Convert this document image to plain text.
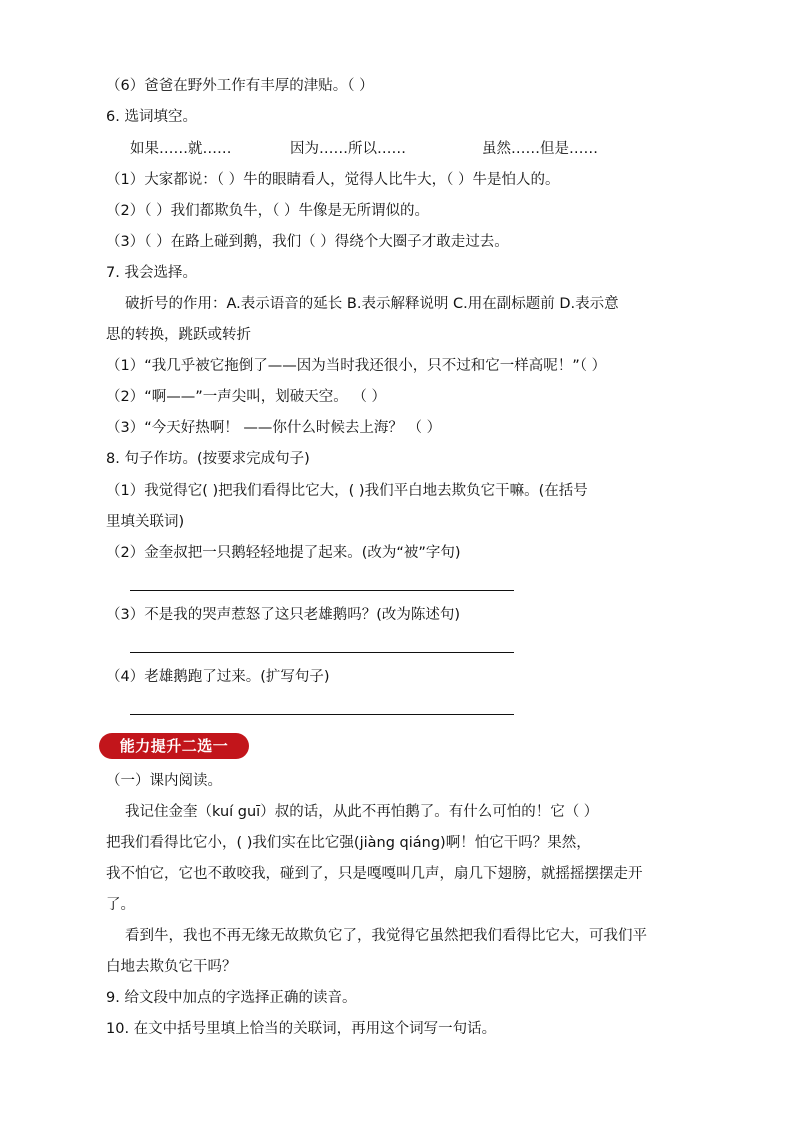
（6）爸爸在野外工作有丰厚的津贴。（ ）
6. 选词填空。
如果……就……	因为……所以……	虽然……但是……
（1）大家都说：（ ）牛的眼睛看人，觉得人比牛大，（ ）牛是怕人的。
（2）（ ）我们都欺负牛，（ ）牛像是无所谓似的。
（3）（ ）在路上碰到鹅，我们（ ）得绕个大圈子才敢走过去。
7. 我会选择。
破折号的作用：A.表示语音的延长 B.表示解释说明 C.用在副标题前 D.表示意
思的转换，跳跃或转折
（1）“我几乎被它拖倒了——因为当时我还很小，只不过和它一样高呢！”（ ）
（2）“啊——”一声尖叫，划破天空。 （ ）
（3）“今天好热啊！ ——你什么时候去上海？ （ ）
8. 句子作坊。(按要求完成句子)
（1）我觉得它( )把我们看得比它大，( )我们平白地去欺负它干嘛。(在括号
里填关联词)
（2）金奎叔把一只鹅轻轻地提了起来。(改为“被”字句)
（3）不是我的哭声惹怒了这只老雄鹅吗？(改为陈述句)
（4）老雄鹅跑了过来。(扩写句子)
能力提升二选一
（一）课内阅读。
我记住金奎（kuí guī）叔的话，从此不再怕鹅了。有什么可怕的！它（ ）
把我们看得比它小，( )我们实在比它强(jiàng qiáng)啊！怕它干吗？果然，
我不怕它，它也不敢咬我，碰到了，只是嘎嘎叫几声，扇几下翅膀，就摇摇摆摆走开
了。
看到牛，我也不再无缘无故欺负它了，我觉得它虽然把我们看得比它大，可我们平
白地去欺负它干吗？
9. 给文段中加点的字选择正确的读音。
10. 在文中括号里填上恰当的关联词，再用这个词写一句话。
